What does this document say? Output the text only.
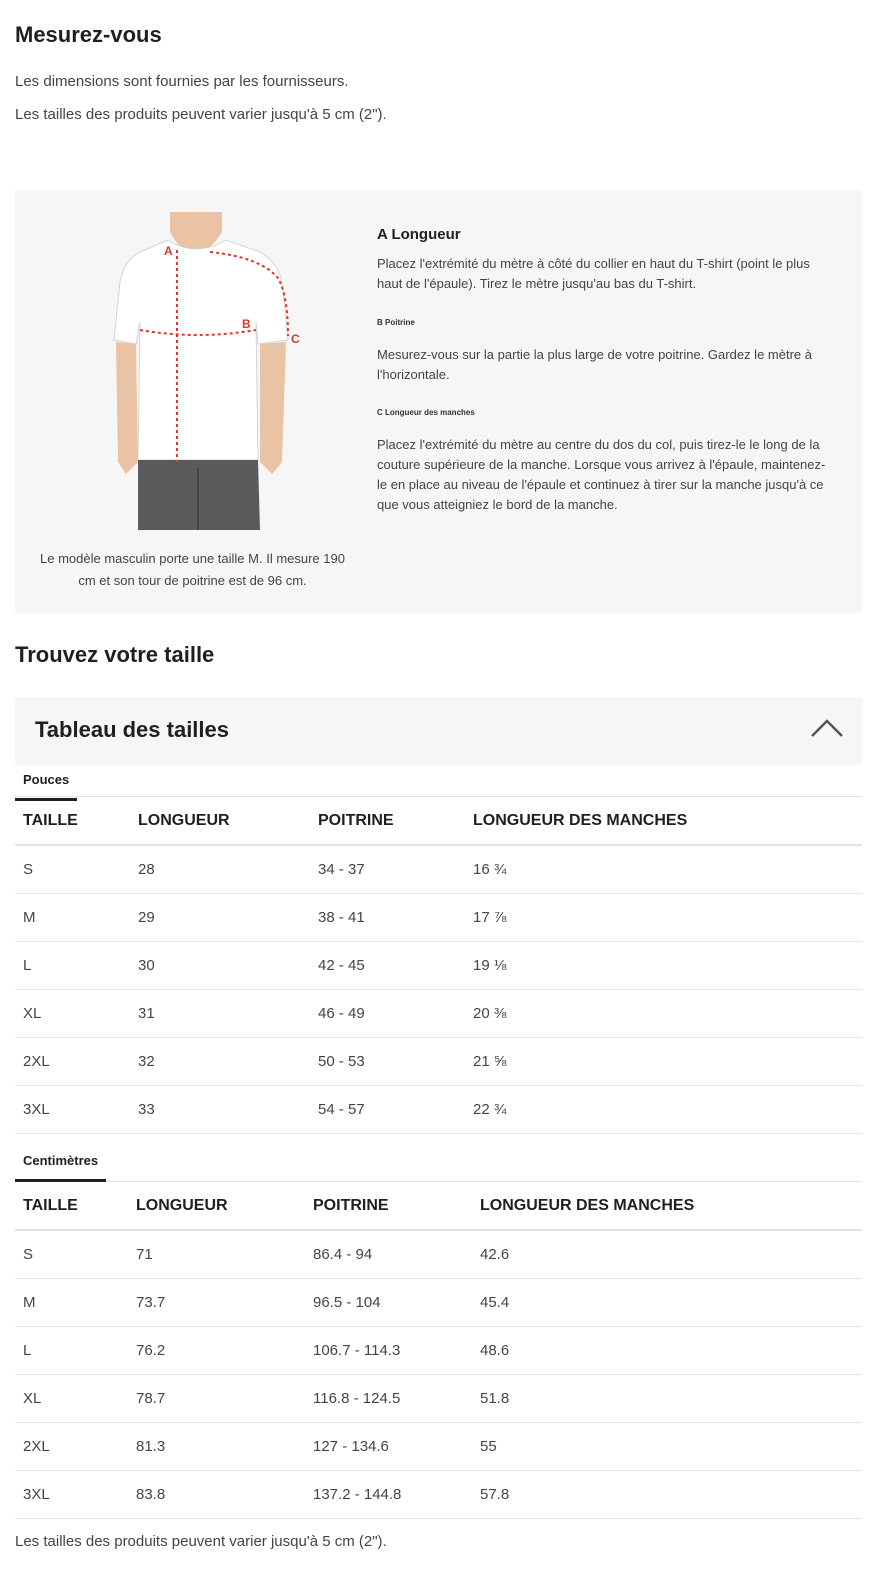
Mesurez-vous

Les dimensions sont fournies par les fournisseurs.

Les tailles des produits peuvent varier jusqu'à 5 cm (2").

A
B
C

Le modèle masculin porte une taille M. Il mesure 190 cm et son tour de poitrine est de 96 cm.

A Longueur

Placez l'extrémité du mètre à côté du collier en haut du T-shirt (point le plus haut de l'épaule). Tirez le mètre jusqu'au bas du T-shirt.

B Poitrine

Mesurez-vous sur la partie la plus large de votre poitrine. Gardez le mètre à l'horizontale.

C Longueur des manches

Placez l'extrémité du mètre au centre du dos du col, puis tirez-le le long de la couture supérieure de la manche. Lorsque vous arrivez à l'épaule, maintenez-le en place au niveau de l'épaule et continuez à tirer sur la manche jusqu'à ce que vous atteigniez le bord de la manche.

Trouvez votre taille
Tableau des tailles
Pouces
TAILLE	LONGUEUR	POITRINE	LONGUEUR DES MANCHES
S	28	34 - 37	16 ¾
M	29	38 - 41	17 ⅞
L	30	42 - 45	19 ⅛
XL	31	46 - 49	20 ⅜
2XL	32	50 - 53	21 ⅝
3XL	33	54 - 57	22 ¾
Centimètres
TAILLE	LONGUEUR	POITRINE	LONGUEUR DES MANCHES
S	71	86.4 - 94	42.6
M	73.7	96.5 - 104	45.4
L	76.2	106.7 - 114.3	48.6
XL	78.7	116.8 - 124.5	51.8
2XL	81.3	127 - 134.6	55
3XL	83.8	137.2 - 144.8	57.8

Les tailles des produits peuvent varier jusqu'à 5 cm (2").
